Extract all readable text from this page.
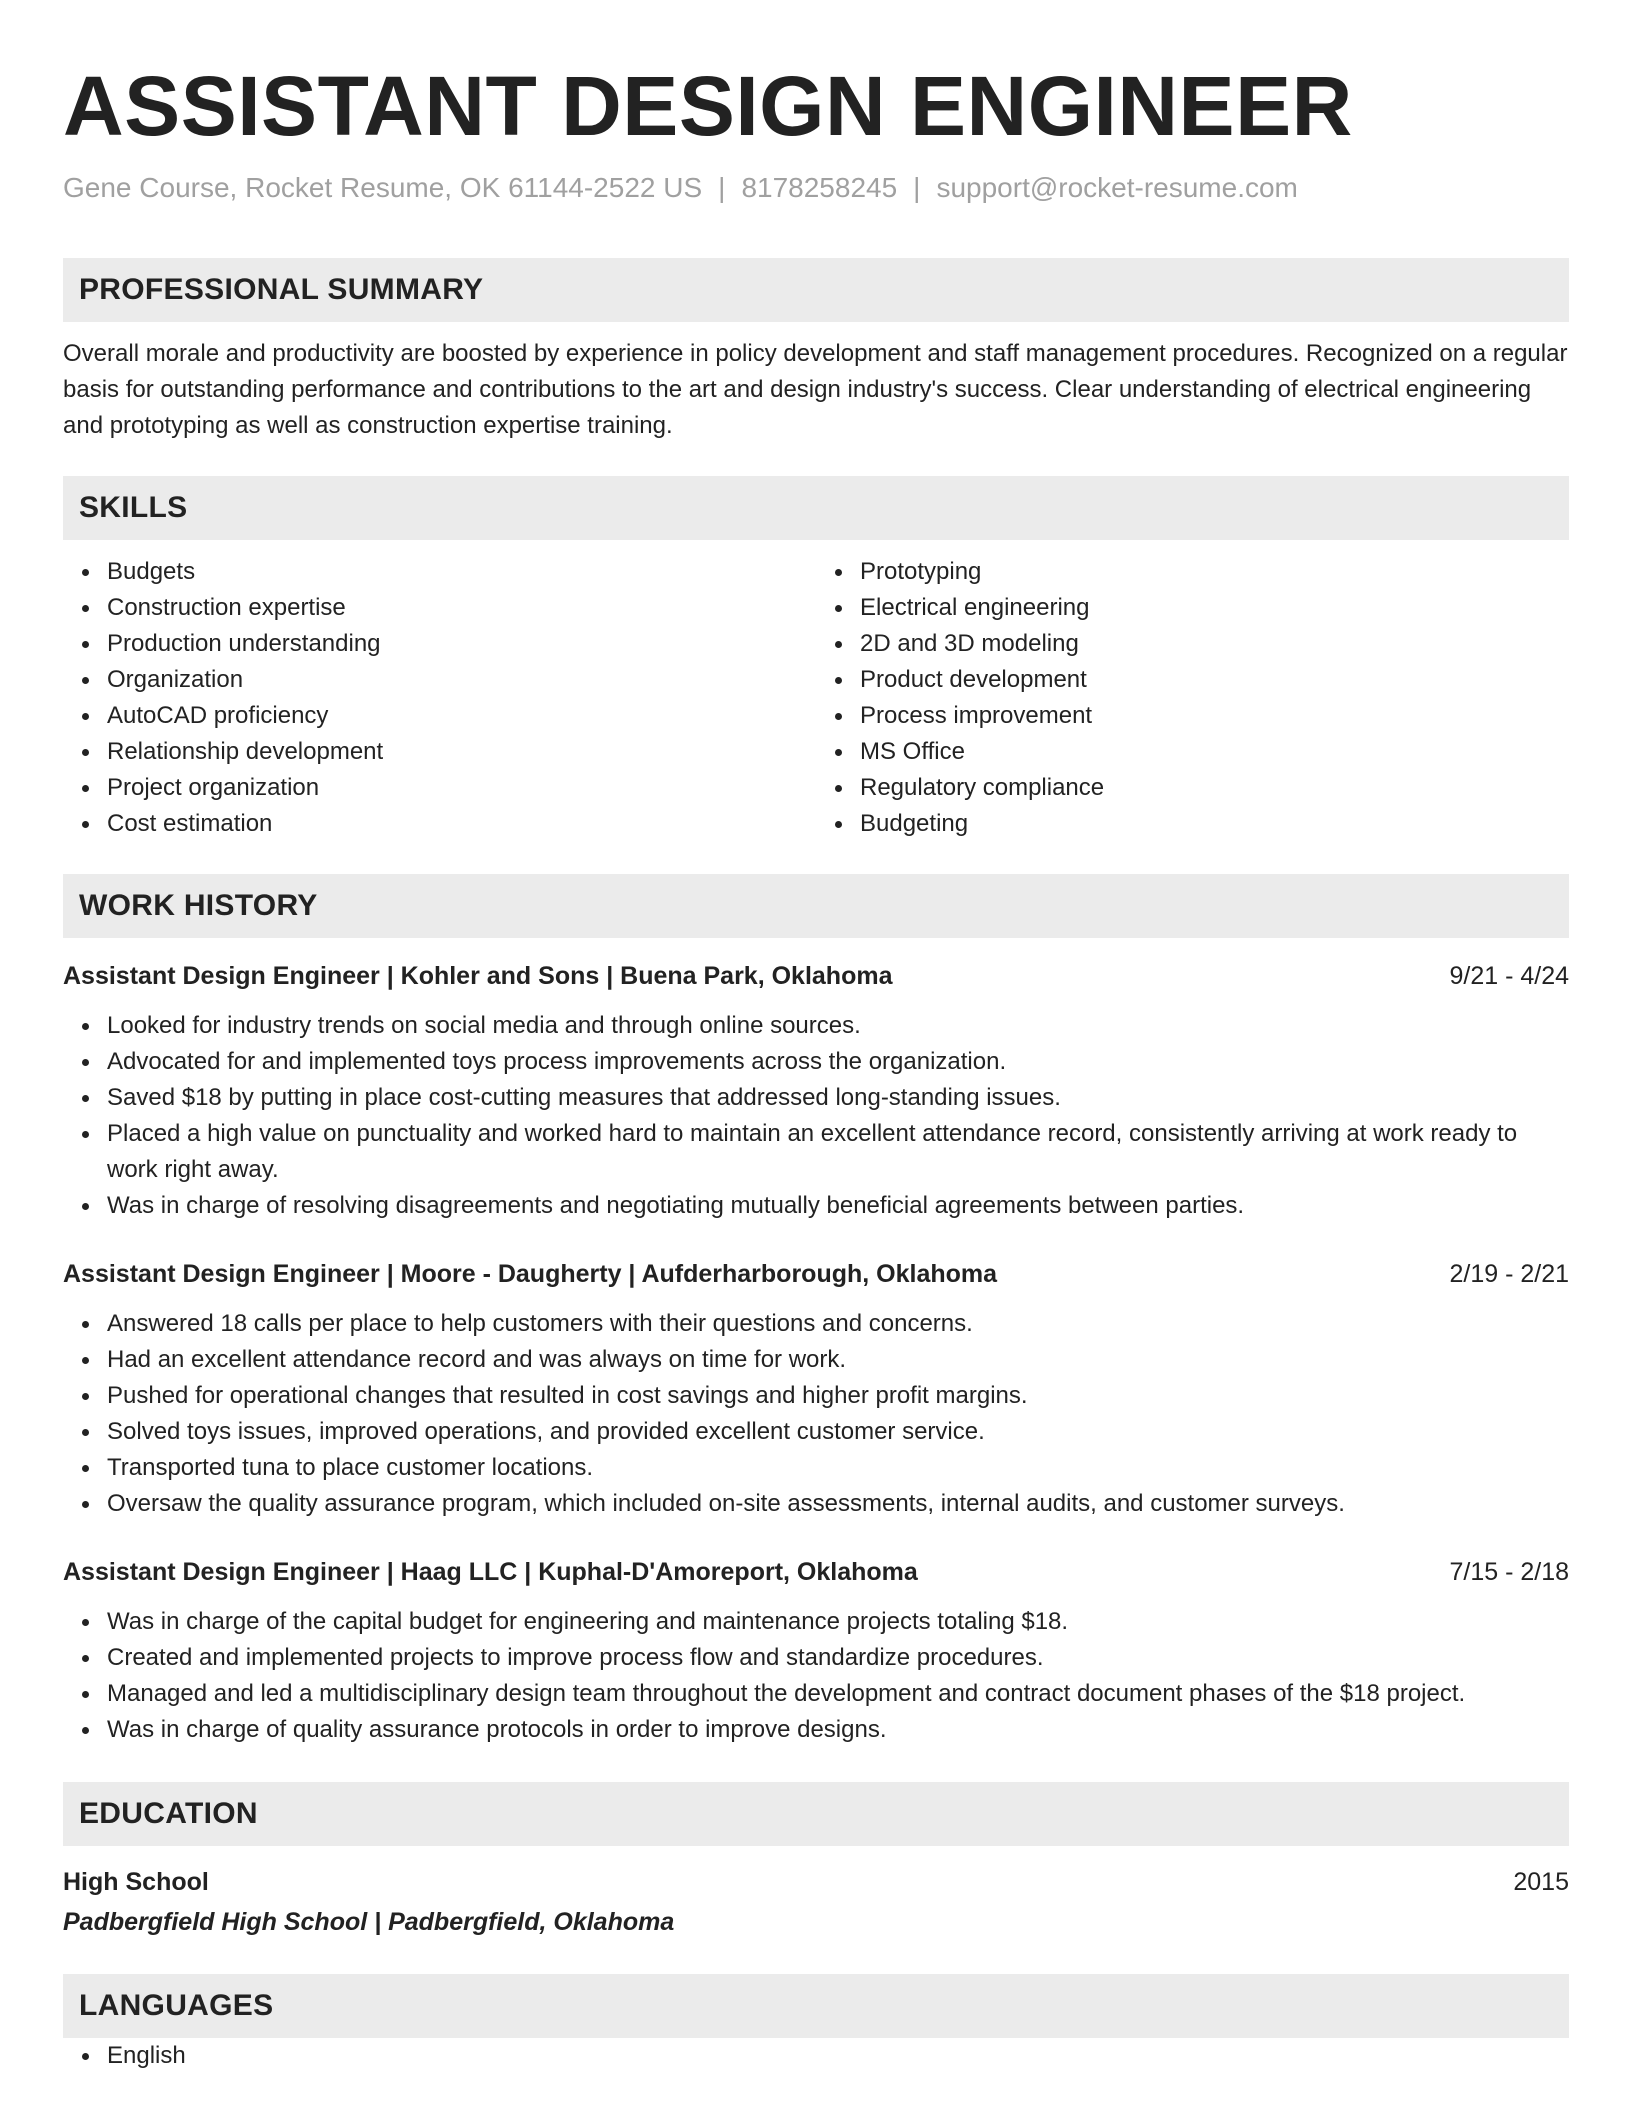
ASSISTANT DESIGN ENGINEER
Gene Course, Rocket Resume, OK 61144-2522 US | 8178258245 | support@rocket-resume.com
PROFESSIONAL SUMMARY

Overall morale and productivity are boosted by experience in policy development and staff management procedures. Recognized on a regular basis for outstanding performance and contributions to the art and design industry's success. Clear understanding of electrical engineering and prototyping as well as construction expertise training.

SKILLS
Budgets
Construction expertise
Production understanding
Organization
AutoCAD proficiency
Relationship development
Project organization
Cost estimation
Prototyping
Electrical engineering
2D and 3D modeling
Product development
Process improvement
MS Office
Regulatory compliance
Budgeting
WORK HISTORY
Assistant Design Engineer | Kohler and Sons | Buena Park, Oklahoma	9/21 - 4/24
Looked for industry trends on social media and through online sources.
Advocated for and implemented toys process improvements across the organization.
Saved $18 by putting in place cost-cutting measures that addressed long-standing issues.
Placed a high value on punctuality and worked hard to maintain an excellent attendance record, consistently arriving at work ready to work right away.
Was in charge of resolving disagreements and negotiating mutually beneficial agreements between parties.
Assistant Design Engineer | Moore - Daugherty | Aufderharborough, Oklahoma	2/19 - 2/21
Answered 18 calls per place to help customers with their questions and concerns.
Had an excellent attendance record and was always on time for work.
Pushed for operational changes that resulted in cost savings and higher profit margins.
Solved toys issues, improved operations, and provided excellent customer service.
Transported tuna to place customer locations.
Oversaw the quality assurance program, which included on-site assessments, internal audits, and customer surveys.
Assistant Design Engineer | Haag LLC | Kuphal-D'Amoreport, Oklahoma	7/15 - 2/18
Was in charge of the capital budget for engineering and maintenance projects totaling $18.
Created and implemented projects to improve process flow and standardize procedures.
Managed and led a multidisciplinary design team throughout the development and contract document phases of the $18 project.
Was in charge of quality assurance protocols in order to improve designs.
EDUCATION
High School	2015
Padbergfield High School | Padbergfield, Oklahoma
LANGUAGES
English
